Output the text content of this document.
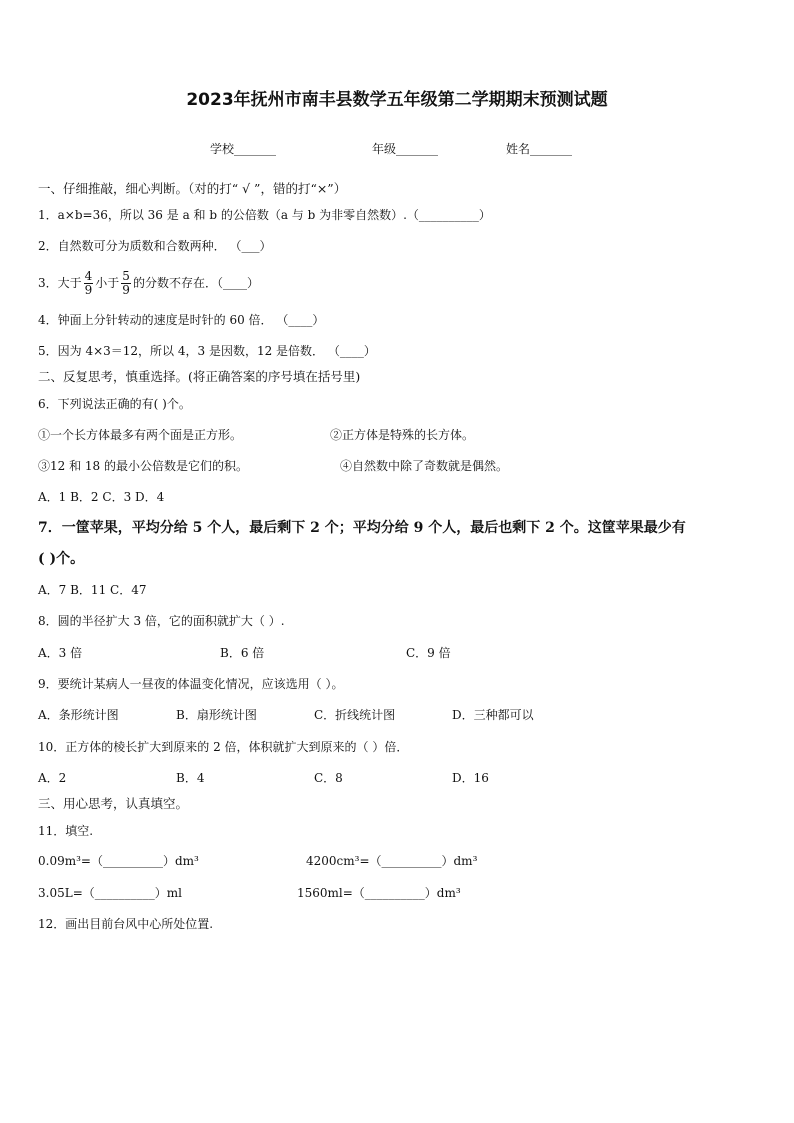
2023年抚州市南丰县数学五年级第二学期期末预测试题
学校_______	年级_______	姓名_______
一、仔细推敲，细心判断。（对的打“ √ ”，错的打“×”）
1．a×b=36，所以 36 是 a 和 b 的公倍数（a 与 b 为非零自然数）.（__________）
2．自然数可分为质数和合数两种． （___）
3．大于 $\frac{4}{9}$ 小于 $\frac{5}{9}$ 的分数不存在．（____）
4．钟面上分针转动的速度是时针的 60 倍． （____）
5．因为 4×3＝12，所以 4，3 是因数，12 是倍数． （____）
二、反复思考，慎重选择。(将正确答案的序号填在括号里)
6．下列说法正确的有( )个。
①一个长方体最多有两个面是正方形。	②正方体是特殊的长方体。
③12 和 18 的最小公倍数是它们的积。	④自然数中除了奇数就是偶然。
A．1 B．2 C．3 D．4
7．一筐苹果，平均分给 5 个人，最后剩下 2 个；平均分给 9 个人，最后也剩下 2 个。这筐苹果最少有
( )个。
A．7 B．11 C．47
8．圆的半径扩大 3 倍，它的面积就扩大（ ）.
A．3 倍	B．6 倍	C．9 倍
9．要统计某病人一昼夜的体温变化情况，应该选用（ ）。
A．条形统计图	B．扇形统计图	C．折线统计图	D．三种都可以
10．正方体的棱长扩大到原来的 2 倍，体积就扩大到原来的（ ）倍．
A．2	B．4	C．8	D．16
三、用心思考，认真填空。
11．填空.
0.09m³=（__________）dm³	4200cm³=（__________）dm³
3.05L=（__________）ml	1560ml=（__________）dm³
12．画出目前台风中心所处位置.
